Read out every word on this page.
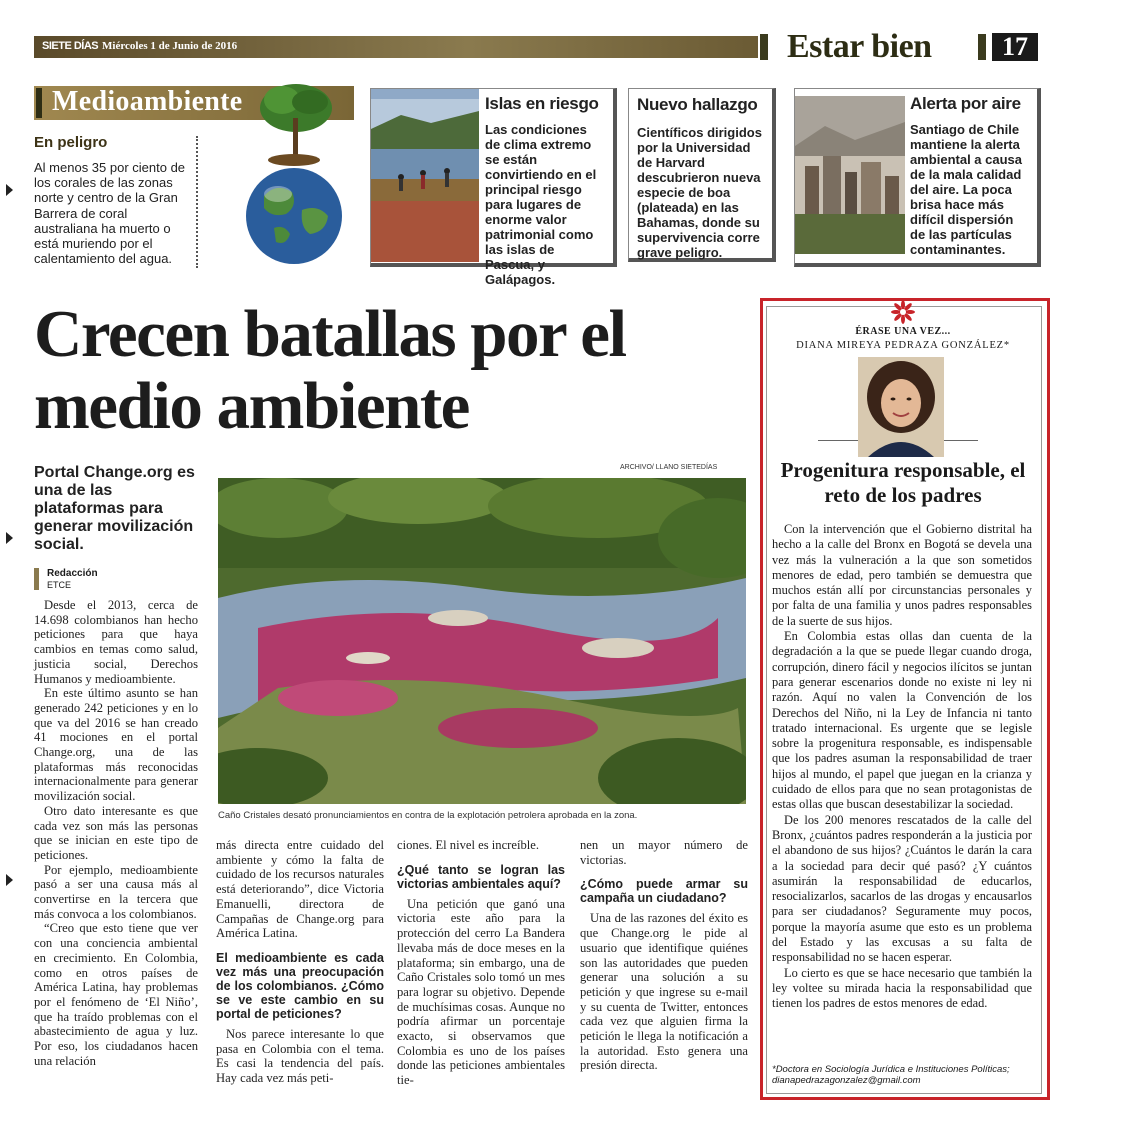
SIETE DÍAS Miércoles 1 de Junio de 2016	Estar bien	17
Medioambiente
En peligro
Al menos 35 por ciento de los corales de las zonas norte y centro de la Gran Barrera de coral australiana ha muerto o está muriendo por el calentamiento del agua.
Islas en riesgo

Las condiciones de clima extremo se están convirtiendo en el principal riesgo para lugares de enorme valor patrimonial como las islas de Pascua, y Galápagos.

Nuevo hallazgo

Científicos dirigidos por la Universidad de Harvard descubrieron nueva especie de boa (plateada) en las Bahamas, donde su supervivencia corre grave peligro.

Alerta por aire

Santiago de Chile mantiene la alerta ambiental a causa de la mala calidad del aire. La poca brisa hace más difícil dispersión de las partículas contaminantes.

Crecen batallas por el medio ambiente
Portal Change.org es una de las plataformas para generar movilización social.
Redacción
ETCE

Desde el 2013, cerca de 14.698 colombianos han hecho peticiones para que haya cambios en temas como salud, justicia social, Derechos Humanos y medioambiente.

En este último asunto se han generado 242 peticiones y en lo que va del 2016 se han creado 41 mociones en el portal Change.org, una de las plataformas más reconocidas internacionalmente para generar movilización social.

Otro dato interesante es que cada vez son más las personas que se inician en este tipo de peticiones.

Por ejemplo, medioambiente pasó a ser una causa más al convertirse en la tercera que más convoca a los colombianos.

“Creo que esto tiene que ver con una conciencia ambiental en crecimiento. En Colombia, como en otros países de América Latina, hay problemas por el fenómeno de ‘El Niño’, que ha traído problemas con el abastecimiento de agua y luz. Por eso, los ciudadanos hacen una relación

ARCHIVO/ LLANO SIETEDÍAS
Caño Cristales desató pronunciamientos en contra de la explotación petrolera aprobada en la zona.

más directa entre cuidado del ambiente y cómo la falta de cuidado de los recursos naturales está deteriorando”, dice Victoria Emanuelli, directora de Campañas de Change.org para América Latina.

El medioambiente es cada vez más una preocupación de los colombianos. ¿Cómo se ve este cambio en su portal de peticiones?

Nos parece interesante lo que pasa en Colombia con el tema. Es casi la tendencia del país. Hay cada vez más peti-

ciones. El nivel es increíble.

¿Qué tanto se logran las victorias ambientales aquí?

Una petición que ganó una victoria este año para la protección del cerro La Bandera llevaba más de doce meses en la plataforma; sin embargo, una de Caño Cristales solo tomó un mes para lograr su objetivo. Depende de muchísimas cosas. Aunque no podría afirmar un porcentaje exacto, si observamos que Colombia es uno de los países donde las peticiones ambientales tie-

nen un mayor número de victorias.

¿Cómo puede armar su campaña un ciudadano?

Una de las razones del éxito es que Change.org le pide al usuario que identifique quiénes son las autoridades que pueden generar una solución a su petición y que ingrese su e-mail y su cuenta de Twitter, entonces cada vez que alguien firma la petición le llega la notificación a la autoridad. Esto genera una presión directa.

ÉRASE UNA VEZ...
DIANA MIREYA PEDRAZA GONZÁLEZ*
Progenitura responsable, el reto de los padres

Con la intervención que el Gobierno distrital ha hecho a la calle del Bronx en Bogotá se devela una vez más la vulneración a la que son sometidos menores de edad, pero también se demuestra que muchos están allí por circunstancias personales y por falta de una familia y unos padres responsables de la suerte de sus hijos.

En Colombia estas ollas dan cuenta de la degradación a la que se puede llegar cuando droga, corrupción, dinero fácil y negocios ilícitos se juntan para generar escenarios donde no existe ni ley ni razón. Aquí no valen la Convención de los Derechos del Niño, ni la Ley de Infancia ni tanto tratado internacional. Es urgente que se legisle sobre la progenitura responsable, es indispensable que los padres asuman la responsabilidad de traer hijos al mundo, el papel que juegan en la crianza y cuidado de ellos para que no sean protagonistas de estas ollas que buscan desestabilizar la sociedad.

De los 200 menores rescatados de la calle del Bronx, ¿cuántos padres responderán a la justicia por el abandono de sus hijos? ¿Cuántos le darán la cara a la sociedad para decir qué pasó? ¿Y cuántos asumirán la responsabilidad de educarlos, resocializarlos, sacarlos de las drogas y encausarlos para ser ciudadanos? Seguramente muy pocos, porque la mayoría asume que esto es un problema del Estado y las excusas a su falta de responsabilidad no se hacen esperar.

Lo cierto es que se hace necesario que también la ley voltee su mirada hacia la responsabilidad que tienen los padres de estos menores de edad.

*Doctora en Sociología Jurídica e Instituciones Políticas;
dianapedrazagonzalez@gmail.com
